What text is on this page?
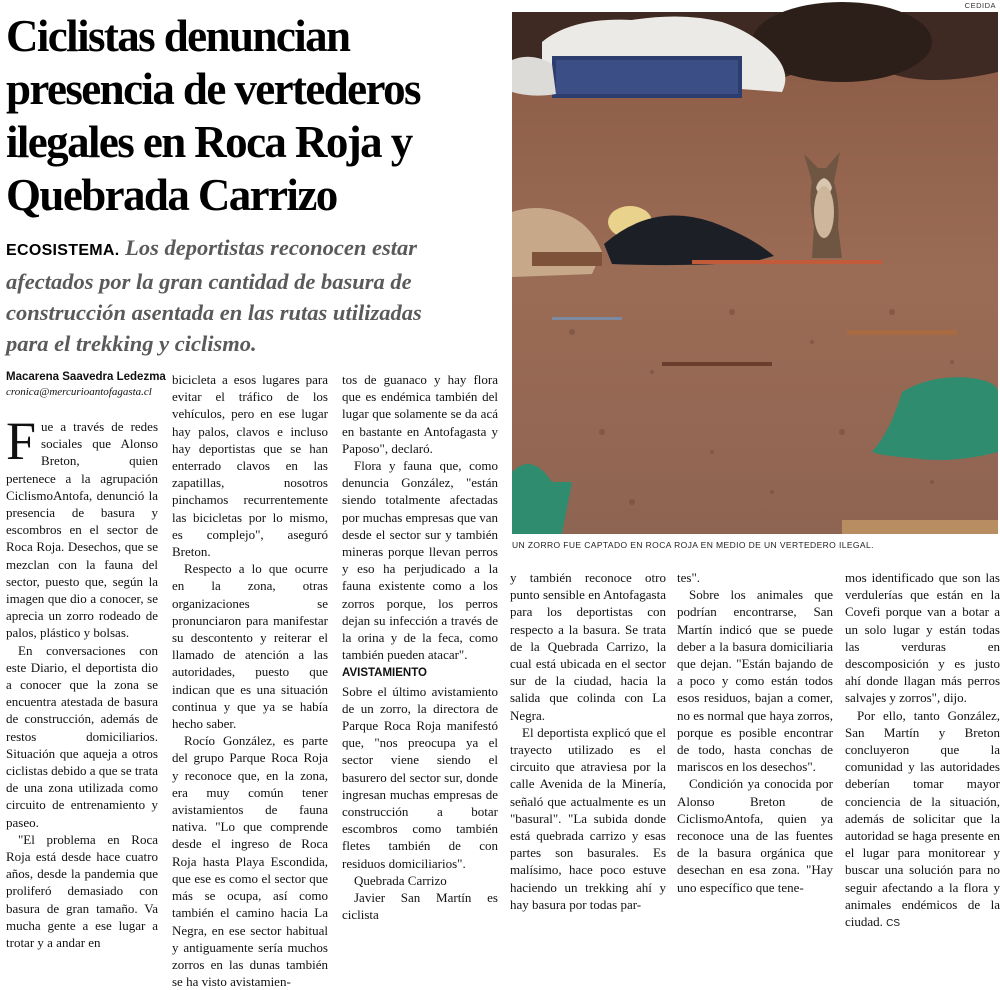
Ciclistas denuncian
presencia de vertederos
ilegales en Roca Roja y
Quebrada Carrizo
ECOSISTEMA. Los deportistas reconocen estar
afectados por la gran cantidad de basura de
construcción asentada en las rutas utilizadas
para el trekking y ciclismo.
Macarena Saavedra Ledezma
cronica@mercurioantofagasta.cl

Fue a través de redes sociales que Alonso Breton, quien pertenece a la agrupación CiclismoAntofa, denunció la presencia de basura y escombros en el sector de Roca Roja. Desechos, que se mezclan con la fauna del sector, puesto que, según la imagen que dio a conocer, se aprecia un zorro rodeado de palos, plástico y bolsas.

En conversaciones con este Diario, el deportista dio a conocer que la zona se encuentra atestada de basura de construcción, además de restos domiciliarios. Situación que aqueja a otros ciclistas debido a que se trata de una zona utilizada como circuito de entrenamiento y paseo.

"El problema en Roca Roja está desde hace cuatro años, desde la pandemia que proliferó demasiado con basura de gran tamaño. Va mucha gente a ese lugar a trotar y a andar en

bicicleta a esos lugares para evitar el tráfico de los vehículos, pero en ese lugar hay palos, clavos e incluso hay deportistas que se han enterrado clavos en las zapatillas, nosotros pinchamos recurrentemente las bicicletas por lo mismo, es complejo", aseguró Breton.

Respecto a lo que ocurre en la zona, otras organizaciones se pronunciaron para manifestar su descontento y reiterar el llamado de atención a las autoridades, puesto que indican que es una situación continua y que ya se había hecho saber.

Rocío González, es parte del grupo Parque Roca Roja y reconoce que, en la zona, era muy común tener avistamientos de fauna nativa. "Lo que comprende desde el ingreso de Roca Roja hasta Playa Escondida, que ese es como el sector que más se ocupa, así como también el camino hacia La Negra, en ese sector habitual y antiguamente sería muchos zorros en las dunas también se ha visto avistamien-

tos de guanaco y hay flora que es endémica también del lugar que solamente se da acá en bastante en Antofagasta y Paposo", declaró.

Flora y fauna que, como denuncia González, "están siendo totalmente afectadas por muchas empresas que van desde el sector sur y también mineras porque llevan perros y eso ha perjudicado a la fauna existente como a los zorros porque, los perros dejan su infección a través de la orina y de la feca, como también pueden atacar".

AVISTAMIENTO

Sobre el último avistamiento de un zorro, la directora de Parque Roca Roja manifestó que, "nos preocupa ya el sector viene siendo el basurero del sector sur, donde ingresan muchas empresas de construcción a botar escombros como también fletes también de con residuos domiciliarios".

Quebrada Carrizo

Javier San Martín es ciclista

CEDIDA
UN ZORRO FUE CAPTADO EN ROCA ROJA EN MEDIO DE UN VERTEDERO ILEGAL.

y también reconoce otro punto sensible en Antofagasta para los deportistas con respecto a la basura. Se trata de la Quebrada Carrizo, la cual está ubicada en el sector sur de la ciudad, hacia la salida que colinda con La Negra.

El deportista explicó que el trayecto utilizado es el circuito que atraviesa por la calle Avenida de la Minería, señaló que actualmente es un "basural". "La subida donde está quebrada carrizo y esas partes son basurales. Es malísimo, hace poco estuve haciendo un trekking ahí y hay basura por todas par-

tes".

Sobre los animales que podrían encontrarse, San Martín indicó que se puede deber a la basura domiciliaria que dejan. "Están bajando de a poco y como están todos esos residuos, bajan a comer, no es normal que haya zorros, porque es posible encontrar de todo, hasta conchas de mariscos en los desechos".

Condición ya conocida por Alonso Breton de CiclismoAntofa, quien ya reconoce una de las fuentes de la basura orgánica que desechan en esa zona. "Hay uno específico que tene-

mos identificado que son las verdulerías que están en la Covefi porque van a botar a un solo lugar y están todas las verduras en descomposición y es justo ahí donde llagan más perros salvajes y zorros", dijo.

Por ello, tanto González, San Martín y Breton concluyeron que la comunidad y las autoridades deberían tomar mayor conciencia de la situación, además de solicitar que la autoridad se haga presente en el lugar para monitorear y buscar una solución para no seguir afectando a la flora y animales endémicos de la ciudad. CS
